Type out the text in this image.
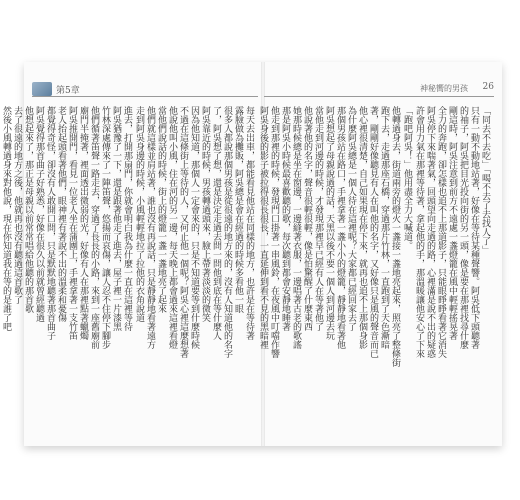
第5章
每天去出車，都能看見他站在同樣的地方，也許是在等待著
露臉做為攤販，阿吳總是會在經過的時候多看他一眼
很多人都說那個男孩是從很遠的地方來的，沒有人知道他的名字
了，阿吳想了想，還是決定走過去問一問他到底在等什麼人
阿吳靠近的時候，男孩轉過頭來，臉上帶著淡淡的微笑
因為他知道，那個人一定會來的，只是不知道要等到什麼時候
不過在這條街上等待的人，又何止他一個呢？阿吳心裡這麼想著
他說他叫小風，住在河的另一邊，每天晚上都會過來這裡看燈
當他們說話的時候，街上的燈籠一盞一盞地亮了起來
他們就這樣並肩站著，誰也沒有再說話，只是靜靜地看著遠方
走到阿吳身邊的時候，小風輕輕地拉了拉他的衣角說道
進去，打開那扇門，你就會明白我為什麼一直在這裡等待
阿吳猶豫了一下，還是跟著他走了進去，屋子裡一片漆黑
竹林深處傳來了一陣笛聲，悠揚而哀傷，讓人忍不住停下腳步
他們循著笛聲一路走去，穿過了長長的小路，來到一座舊廟前
廟門半掩著，裡面透出微弱的光，好像有人在那裡點著蠟燭
阿吳推開門，看見一位老人坐在蒲團上，手裡拿著一支竹笛
老人抬起頭看著他們，眼神裡有著說不出的溫柔和憂傷
都覺得奇怪，卻沒有人敢開口問，只是默默地聽著那首曲子
阿吳覺得那首曲子好熟悉，好像在很久以前就曾經聽過
他想起來了，那正是母親以前常常唱給他聽的那首歌
去了很遠的地方之後，他就再也沒有聽過這首歌了
然後小風轉過身來對他說，現在你知道我在等的是誰了吧
神秘嚮的男孩 26
「同去不去吃」「喝不去了去找人了」
只有一動不動地站著，好像在等待某種聲響。阿吳低下頭聽著
的袖子，阿吳把目光投向街的另一頭，像是要在那裡找尋什麼
剛這時，阿吳注意到前方不遠處一盞燈籠在風中輕輕搖晃著
全力的奔跑，卻怎樣也追不上那道影子，只能眼睜睜看著它消失
阿吳停下來喘著氣，回頭望向走過的路，心裡滿是說不出的疑惑
許會用力氣在那裡等待著，拿起他的手，那溫暖讓他安心了下來
「跑吧阿吳！」他用盡全力大喊道。
他轉過身去，街道兩旁的燈火一盞接一盞地亮起來，照亮了整條街
跑下去，走過那座石橋，穿過那片竹林，一直跑到了天色漸暗
著，剛剛好像聽見有人在叫他的名字，又好像只是風的聲音而已
他心裡很清楚，自己如果現在停下來，就再也追不上那個身影
為什麼阿吳總是一個人待在這裡呢？大家都已經回家去了
那個男孩站在路口，手裡拿著一盞小小的燈籠，靜靜地看著他
阿吳想起了母親說過的話，天黑以後不要一個人到河邊去玩
當他走到河邊的時候，才發現那裡早已經有人在等著他了
他說著他的名字，聲音很輕很輕，像是怕驚醒了什麼東西
她那時候總是坐在窗邊，一邊縫著衣服，一邊唱著古老的歌謠
那是阿吳小時候最喜歡聽的歌，每次聽到都會安靜地睡著
他走到那裡的時候，發現門口掛著一串風鈴，在夜風中叮噹作響
阿吳身後的影子被拉得很長很長，一直延伸到看不見的黑暗裡
